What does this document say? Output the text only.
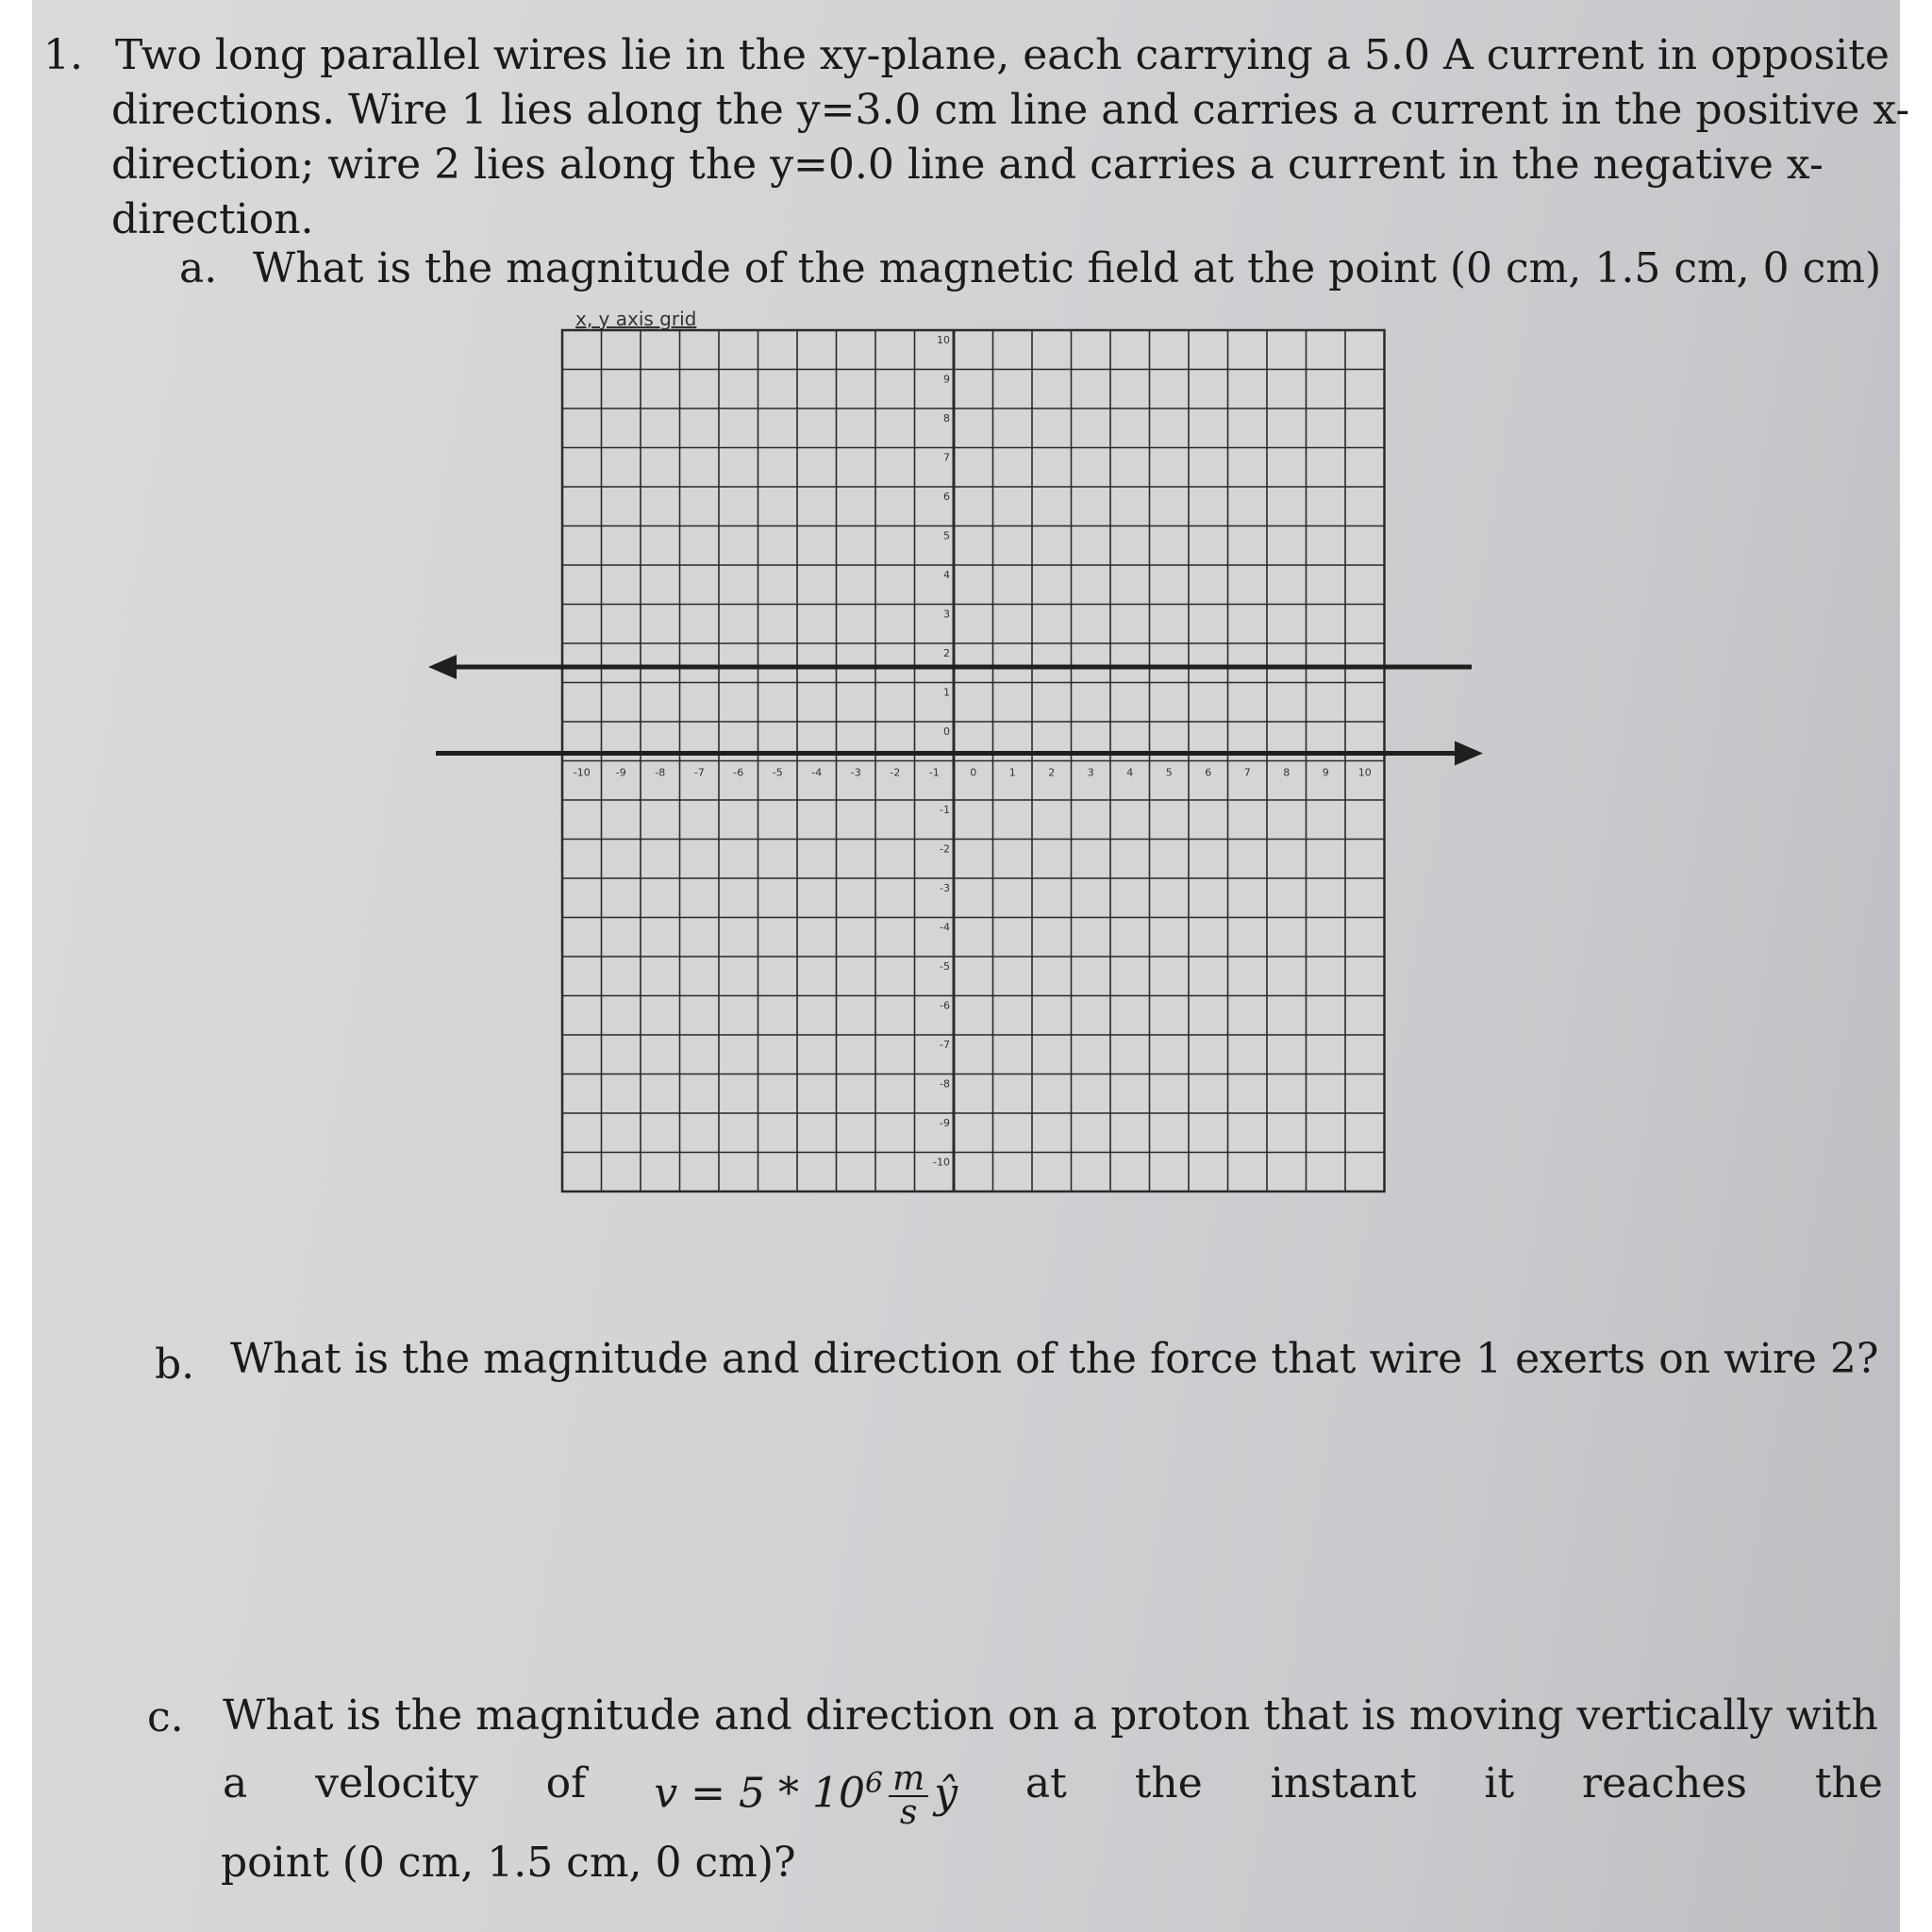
1. Two long parallel wires lie in the xy-plane, each carrying a 5.0 A current in opposite
directions. Wire 1 lies along the y=3.0 cm line and carries a current in the positive x-
direction; wire 2 lies along the y=0.0 line and carries a current in the negative x-
direction.
a. What is the magnitude of the magnetic field at the point (0 cm, 1.5 cm, 0 cm)
x, y axis grid
-10 -9	-8	-7	-6	-5	-4	-3	-2	-1	0	1	2	3	4	5	6	7	8	9	10
10
9
8
7
6
5
4
3
2
1
0
-1
-2
-3
-4
-5
-6
-7
-8
-9
-10
b. What is the magnitude and direction of the force that wire 1 exerts on wire 2?
c. What is the magnitude and direction on a proton that is moving vertically with
a velocity of $v = 5 * 10^6 \frac{m}{s}$ ŷ at the instant it reaches the
point (0 cm, 1.5 cm, 0 cm)?
